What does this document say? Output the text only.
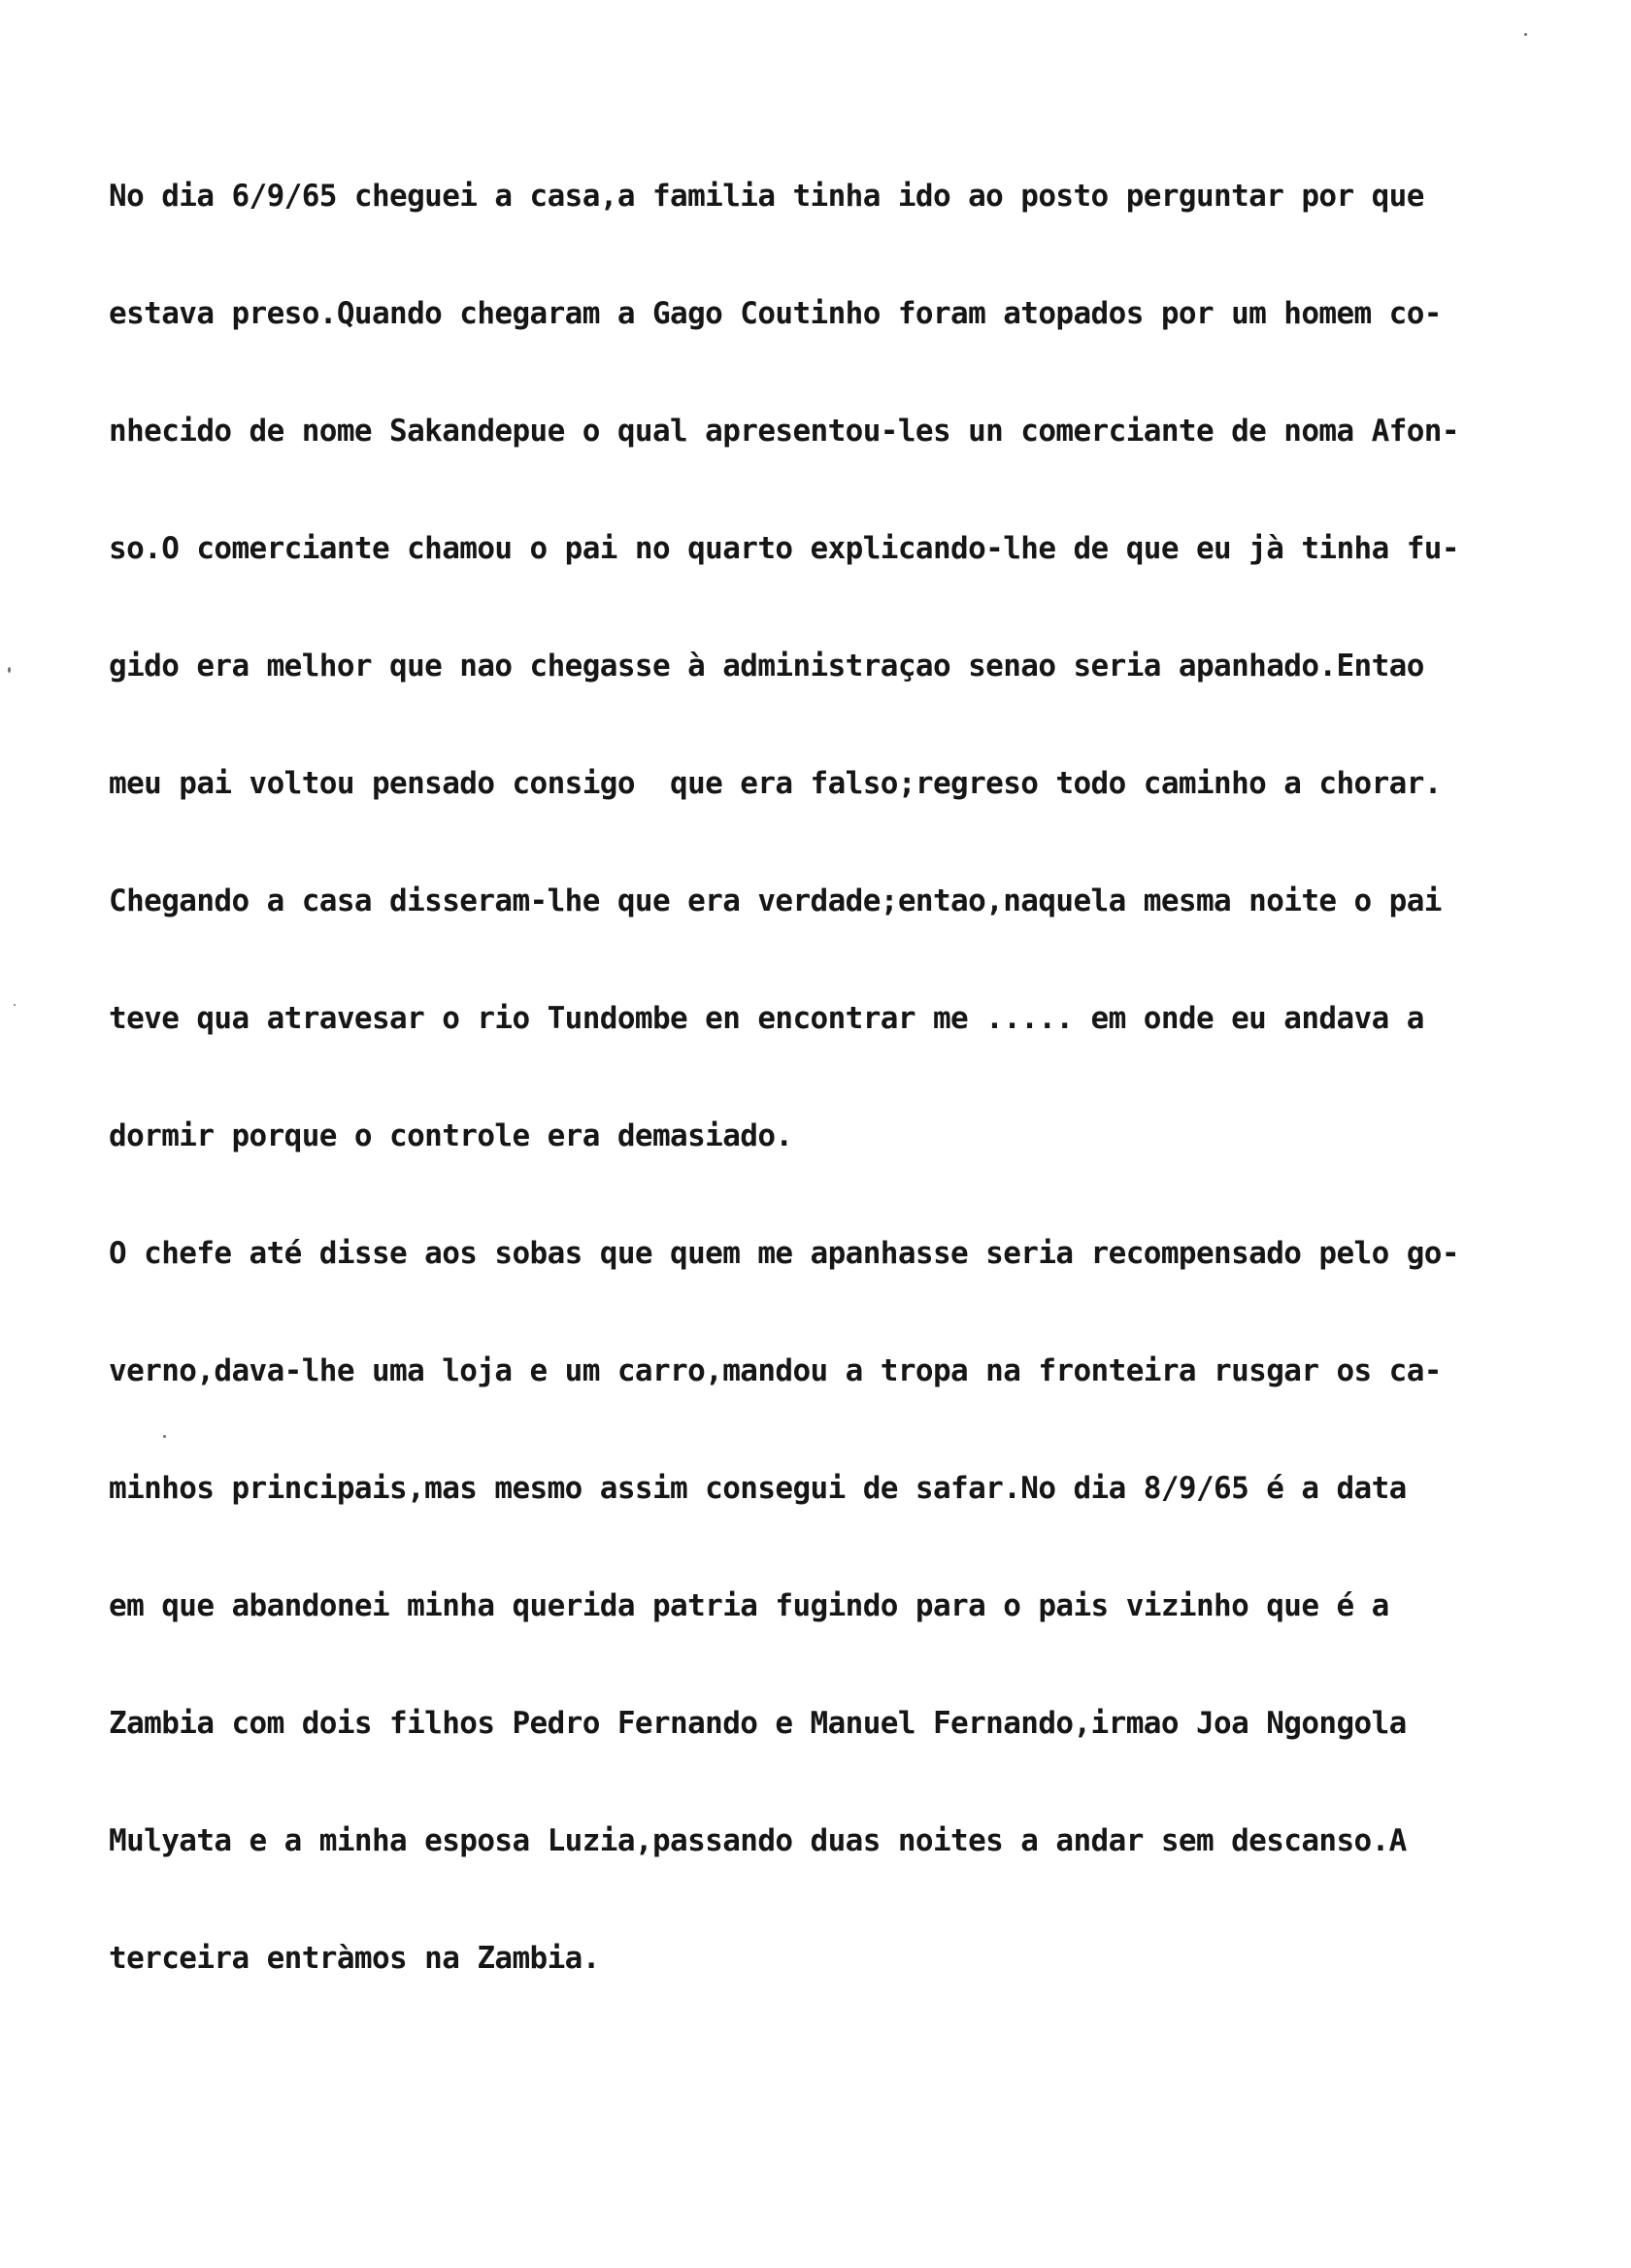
No dia 6/9/65 cheguei a casa,a familia tinha ido ao posto perguntar por que

estava preso.Quando chegaram a Gago Coutinho foram atopados por um homem co-

nhecido de nome Sakandepue o qual apresentou-les un comerciante de noma Afon-

so.O comerciante chamou o pai no quarto explicando-lhe de que eu jà tinha fu-

gido era melhor que nao chegasse à administraçao senao seria apanhado.Entao

meu pai voltou pensado consigo  que era falso;regreso todo caminho a chorar.

Chegando a casa disseram-lhe que era verdade;entao,naquela mesma noite o pai

teve qua atravesar o rio Tundombe en encontrar me ..... em onde eu andava a

dormir porque o controle era demasiado.

O chefe até disse aos sobas que quem me apanhasse seria recompensado pelo go-

verno,dava-lhe uma loja e um carro,mandou a tropa na fronteira rusgar os ca-

minhos principais,mas mesmo assim consegui de safar.No dia 8/9/65 é a data

em que abandonei minha querida patria fugindo para o pais vizinho que é a

Zambia com dois filhos Pedro Fernando e Manuel Fernando,irmao Joa Ngongola

Mulyata e a minha esposa Luzia,passando duas noites a andar sem descanso.A

terceira entràmos na Zambia.
